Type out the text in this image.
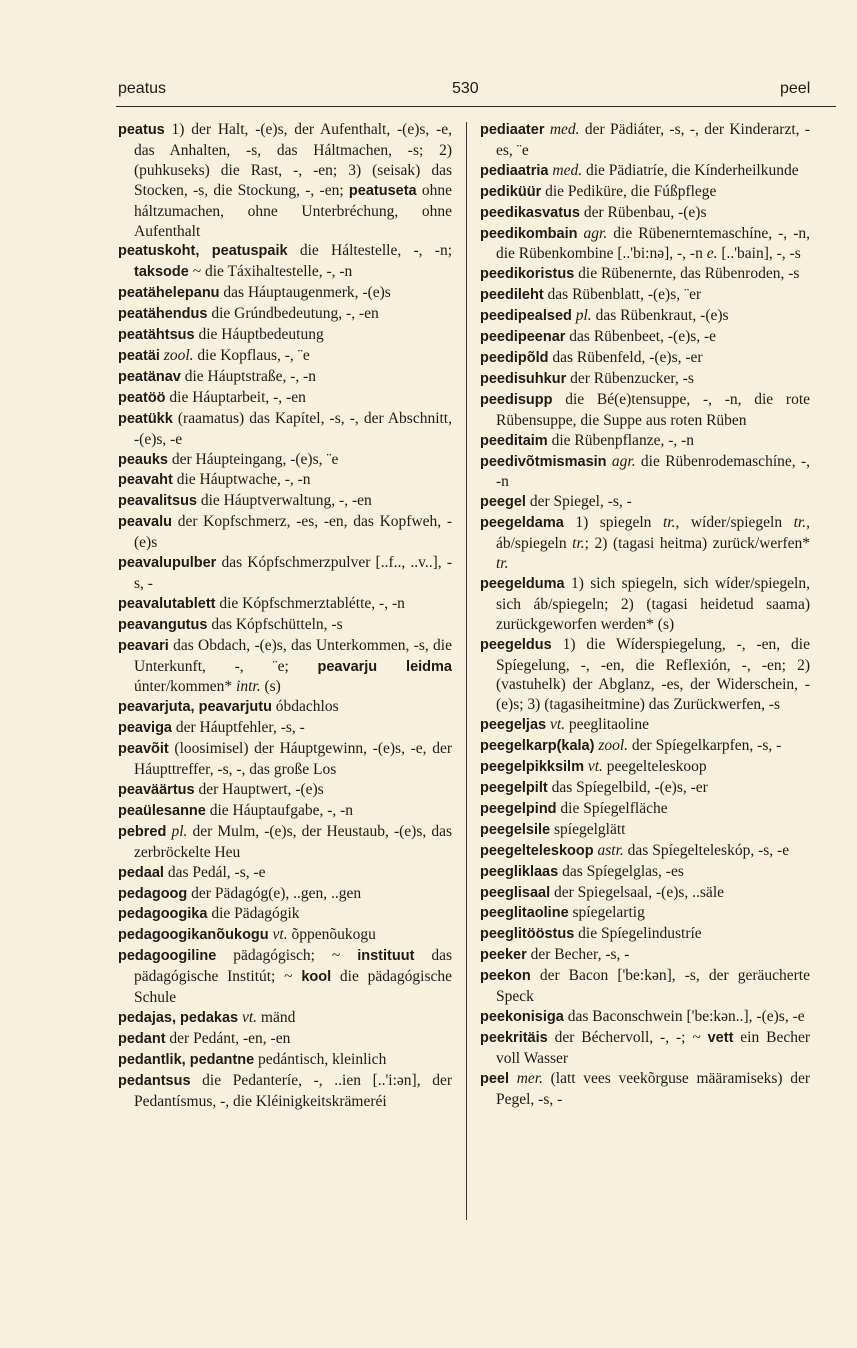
peatus	530	peel

peatus 1) der Halt, -(e)s, der Aufenthalt, -(e)s, -e, das Anhalten, -s, das Háltmachen, -s; 2) (puhkuseks) die Rast, -, -en; 3) (seisak) das Stocken, -s, die Stockung, -, -en; peatuseta ohne háltzumachen, ohne Unterbréchung, ohne Aufenthalt

peatuskoht, peatuspaik die Háltestelle, -, -n; taksode ~ die Táxihaltestelle, -, -n

peatähelepanu das Háuptaugenmerk, -(e)s

peatähendus die Grúndbedeutung, -, -en

peatähtsus die Háuptbedeutung

peatäi zool. die Kopflaus, -, ¨e

peatänav die Háuptstraße, -, -n

peatöö die Háuptarbeit, -, -en

peatükk (raamatus) das Kapítel, -s, -, der Abschnitt, -(e)s, -e

peauks der Háupteingang, -(e)s, ¨e

peavaht die Háuptwache, -, -n

peavalitsus die Háuptverwaltung, -, -en

peavalu der Kopfschmerz, -es, -en, das Kopfweh, -(e)s

peavalupulber das Kópfschmerzpulver [..f.., ..v..], -s, -

peavalutablett die Kópfschmerztablétte, -, -n

peavangutus das Kópfschütteln, -s

peavari das Obdach, -(e)s, das Unterkommen, -s, die Unterkunft, -, ¨e; peavarju leidma únter/kommen* intr. (s)

peavarjuta, peavarjutu óbdachlos

peaviga der Háuptfehler, -s, -

peavõit (loosimisel) der Háuptgewinn, -(e)s, -e, der Háupttreffer, -s, -, das große Los

peaväärtus der Hauptwert, -(e)s

peaülesanne die Háuptaufgabe, -, -n

pebred pl. der Mulm, -(e)s, der Heustaub, -(e)s, das zerbröckelte Heu

pedaal das Pedál, -s, -e

pedagoog der Pädagóg(e), ..gen, ..gen

pedagoogika die Pädagógik

pedagoogikanõukogu vt. õppenõukogu

pedagoogiline pädagógisch; ~ instituut das pädagógische Institút; ~ kool die pädagógische Schule

pedajas, pedakas vt. mänd

pedant der Pedánt, -en, -en

pedantlik, pedantne pedántisch, kleinlich

pedantsus die Pedanteríe, -, ..ien [..'i:ən], der Pedantísmus, -, die Kléinigkeitskrämeréi

pediaater med. der Pädiáter, -s, -, der Kinderarzt, -es, ¨e

pediaatria med. die Pädiatríe, die Kínderheilkunde

pediküür die Pediküre, die Fúßpflege

peedikasvatus der Rübenbau, -(e)s

peedikombain agr. die Rübenerntemaschíne, -, -n, die Rübenkombine [..'bi:nə], -, -n e. [..'bain], -, -s

peedikoristus die Rübenernte, das Rübenroden, -s

peedileht das Rübenblatt, -(e)s, ¨er

peedipealsed pl. das Rübenkraut, -(e)s

peedipeenar das Rübenbeet, -(e)s, -e

peedipõld das Rübenfeld, -(e)s, -er

peedisuhkur der Rübenzucker, -s

peedisupp die Bé(e)tensuppe, -, -n, die rote Rübensuppe, die Suppe aus roten Rüben

peeditaim die Rübenpflanze, -, -n

peedivõtmismasin agr. die Rübenrodemaschíne, -, -n

peegel der Spiegel, -s, -

peegeldama 1) spiegeln tr., wíder/spiegeln tr., áb/spiegeln tr.; 2) (tagasi heitma) zurück/werfen* tr.

peegelduma 1) sich spiegeln, sich wíder/spiegeln, sich áb/spiegeln; 2) (tagasi heidetud saama) zurückgeworfen werden* (s)

peegeldus 1) die Wíderspiegelung, -, -en, die Spíegelung, -, -en, die Reflexión, -, -en; 2) (vastuhelk) der Abglanz, -es, der Widerschein, -(e)s; 3) (tagasiheitmine) das Zurückwerfen, -s

peegeljas vt. peeglitaoline

peegelkarp(kala) zool. der Spíegelkarpfen, -s, -

peegelpikksilm vt. peegelteleskoop

peegelpilt das Spíegelbild, -(e)s, -er

peegelpind die Spíegelfläche

peegelsile spíegelglätt

peegelteleskoop astr. das Spíegelteleskóp, -s, -e

peegliklaas das Spíegelglas, -es

peeglisaal der Spiegelsaal, -(e)s, ..säle

peeglitaoline spíegelartig

peeglitööstus die Spíegelindustríe

peeker der Becher, -s, -

peekon der Bacon ['be:kən], -s, der geräucherte Speck

peekonisiga das Baconschwein ['be:kən..], -(e)s, -e

peekritäis der Béchervoll, -, -; ~ vett ein Becher voll Wasser

peel mer. (latt vees veekõrguse määramiseks) der Pegel, -s, -
